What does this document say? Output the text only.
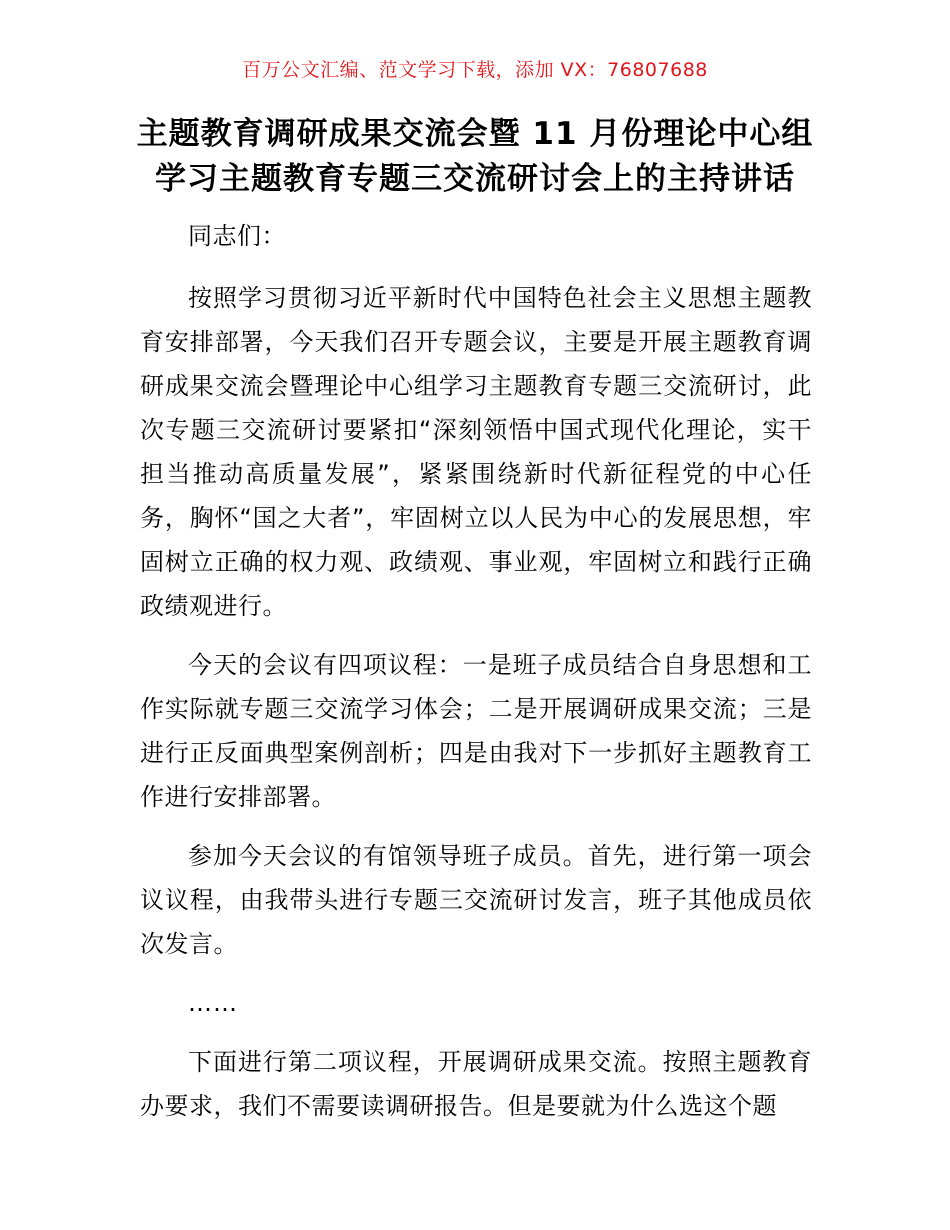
百万公文汇编、范文学习下载，添加 VX：76807688
主题教育调研成果交流会暨 11 月份理论中心组
学习主题教育专题三交流研讨会上的主持讲话

同志们：

按照学习贯彻习近平新时代中国特色社会主义思想主题教育安排部署，今天我们召开专题会议，主要是开展主题教育调研成果交流会暨理论中心组学习主题教育专题三交流研讨，此次专题三交流研讨要紧扣“深刻领悟中国式现代化理论，实干担当推动高质量发展”，紧紧围绕新时代新征程党的中心任务，胸怀“国之大者”，牢固树立以人民为中心的发展思想，牢固树立正确的权力观、政绩观、事业观，牢固树立和践行正确政绩观进行。

今天的会议有四项议程：一是班子成员结合自身思想和工作实际就专题三交流学习体会；二是开展调研成果交流；三是进行正反面典型案例剖析；四是由我对下一步抓好主题教育工作进行安排部署。

参加今天会议的有馆领导班子成员。首先，进行第一项会议议程，由我带头进行专题三交流研讨发言，班子其他成员依次发言。

……

下面进行第二项议程，开展调研成果交流。按照主题教育办要求，我们不需要读调研报告。但是要就为什么选这个题
